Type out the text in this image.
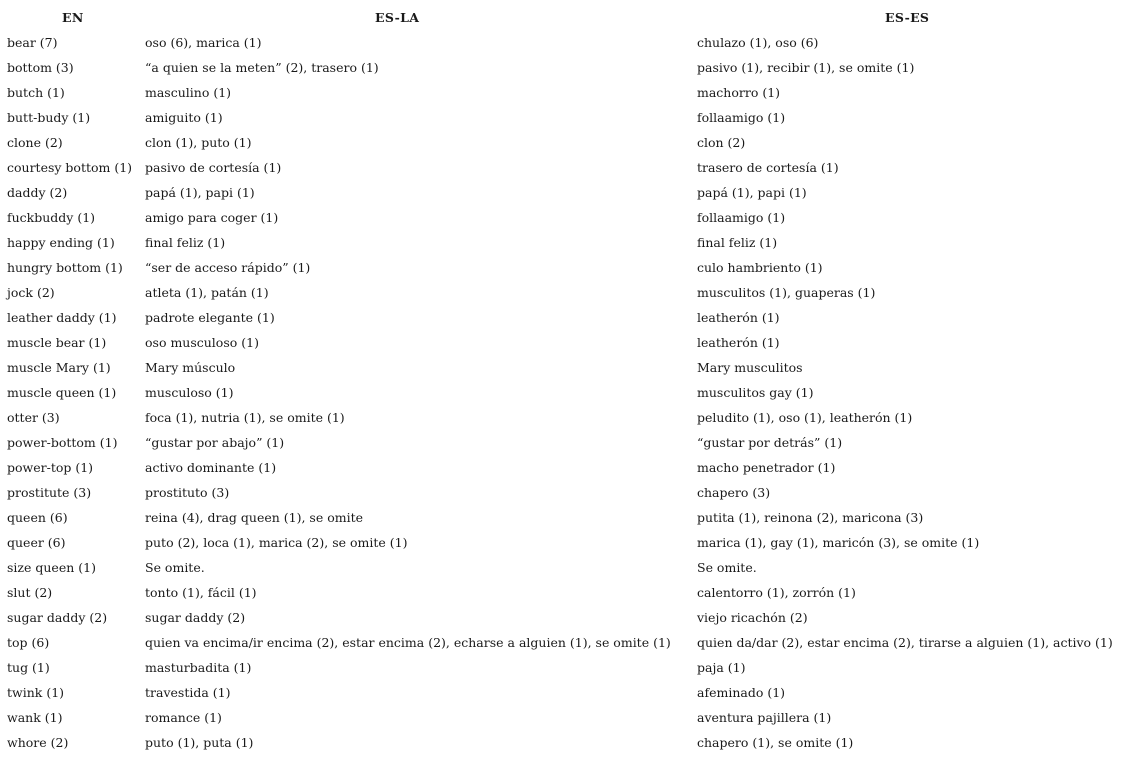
EN	ES-LA	ES-ES
bear (7)	oso (6), marica (1)	chulazo (1), oso (6)
bottom (3)	“a quien se la meten” (2), trasero (1)	pasivo (1), recibir (1), se omite (1)
butch (1)	masculino (1)	machorro (1)
butt-budy (1)	amiguito (1)	follaamigo (1)
clone (2)	clon (1), puto (1)	clon (2)
courtesy bottom (1)	pasivo de cortesía (1)	trasero de cortesía (1)
daddy (2)	papá (1), papi (1)	papá (1), papi (1)
fuckbuddy (1)	amigo para coger (1)	follaamigo (1)
happy ending (1)	final feliz (1)	final feliz (1)
hungry bottom (1)	“ser de acceso rápido” (1)	culo hambriento (1)
jock (2)	atleta (1), patán (1)	musculitos (1), guaperas (1)
leather daddy (1)	padrote elegante (1)	leatherón (1)
muscle bear (1)	oso musculoso (1)	leatherón (1)
muscle Mary (1)	Mary músculo	Mary musculitos
muscle queen (1)	musculoso (1)	musculitos gay (1)
otter (3)	foca (1), nutria (1), se omite (1)	peludito (1), oso (1), leatherón (1)
power-bottom (1)	“gustar por abajo” (1)	“gustar por detrás” (1)
power-top (1)	activo dominante (1)	macho penetrador (1)
prostitute (3)	prostituto (3)	chapero (3)
queen (6)	reina (4), drag queen (1), se omite	putita (1), reinona (2), maricona (3)
queer (6)	puto (2), loca (1), marica (2), se omite (1)	marica (1), gay (1), maricón (3), se omite (1)
size queen (1)	Se omite.	Se omite.
slut (2)	tonto (1), fácil (1)	calentorro (1), zorrón (1)
sugar daddy (2)	sugar daddy (2)	viejo ricachón (2)
top (6)	quien va encima/ir encima (2), estar encima (2), echarse a alguien (1), se omite (1)	quien da/dar (2), estar encima (2), tirarse a alguien (1), activo (1)
tug (1)	masturbadita (1)	paja (1)
twink (1)	travestida (1)	afeminado (1)
wank (1)	romance (1)	aventura pajillera (1)
whore (2)	puto (1), puta (1)	chapero (1), se omite (1)
